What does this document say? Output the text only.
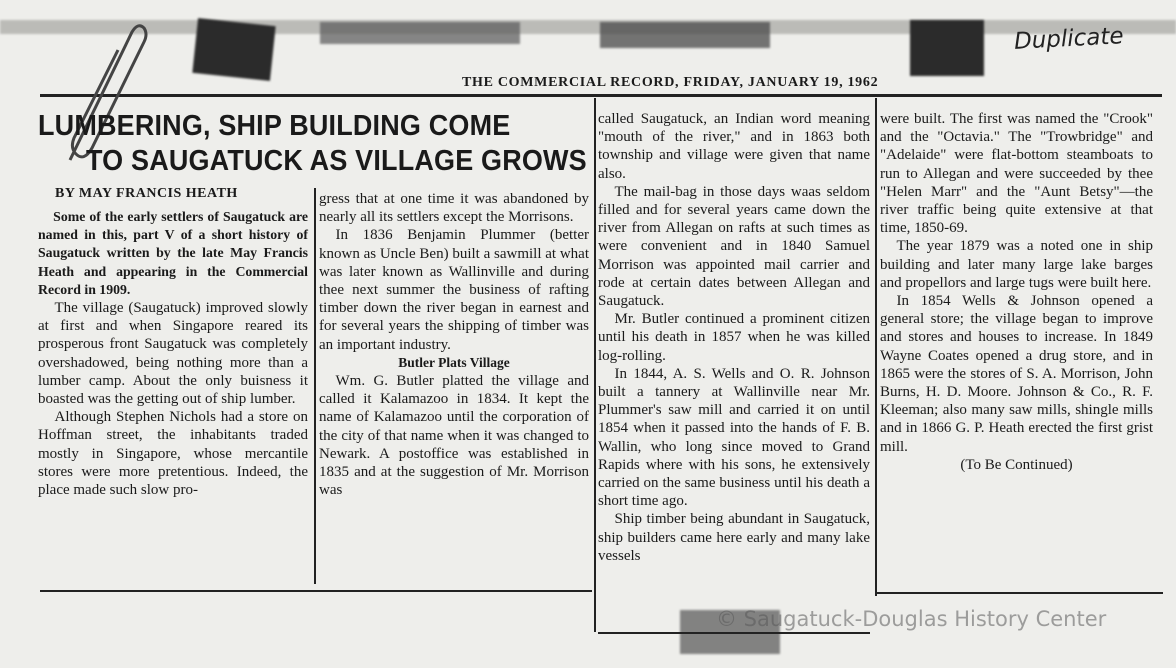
Duplicate
THE COMMERCIAL RECORD, FRIDAY, JANUARY 19, 1962
LUMBERING, SHIP BUILDING COME
TO SAUGATUCK AS VILLAGE GROWS
BY MAY FRANCIS HEATH

Some of the early settlers of Saugatuck are named in this, part V of a short history of Saugatuck written by the late May Francis Heath and appearing in the Commercial Record in 1909.

The village (Saugatuck) improved slowly at first and when Singapore reared its prosperous front Saugatuck was completely overshadowed, being nothing more than a lumber camp. About the only buisness it boasted was the getting out of ship lumber.

Although Stephen Nichols had a store on Hoffman street, the inhabitants traded mostly in Singapore, whose mercantile stores were more pretentious. Indeed, the place made such slow pro-

gress that at one time it was abandoned by nearly all its settlers except the Morrisons.

In 1836 Benjamin Plummer (better known as Uncle Ben) built a sawmill at what was later known as Wallinville and during thee next summer the business of rafting timber down the river began in earnest and for several years the shipping of timber was an important industry.

Butler Plats Village

Wm. G. Butler platted the village and called it Kalamazoo in 1834. It kept the name of Kalamazoo until the corporation of the city of that name when it was changed to Newark. A postoffice was established in 1835 and at the suggestion of Mr. Morrison was

called Saugatuck, an Indian word meaning "mouth of the river," and in 1863 both township and village were given that name also.

The mail-bag in those days waas seldom filled and for several years came down the river from Allegan on rafts at such times as were convenient and in 1840 Samuel Morrison was appointed mail carrier and rode at certain dates between Allegan and Saugatuck.

Mr. Butler continued a prominent citizen until his death in 1857 when he was killed log-rolling.

In 1844, A. S. Wells and O. R. Johnson built a tannery at Wallinville near Mr. Plummer's saw mill and carried it on until 1854 when it passed into the hands of F. B. Wallin, who long since moved to Grand Rapids where with his sons, he extensively carried on the same business until his death a short time ago.

Ship timber being abundant in Saugatuck, ship builders came here early and many lake vessels

were built. The first was named the "Crook" and the "Octavia." The "Trowbridge" and "Adelaide" were flat-bottom steamboats to run to Allegan and were succeeded by thee "Helen Marr" and the "Aunt Betsy"—the river traffic being quite extensive at that time, 1850-69.

The year 1879 was a noted one in ship building and later many large lake barges and propellors and large tugs were built here.

In 1854 Wells & Johnson opened a general store; the village began to improve and stores and houses to increase. In 1849 Wayne Coates opened a drug store, and in 1865 were the stores of S. A. Morrison, John Burns, H. D. Moore. Johnson & Co., R. F. Kleeman; also many saw mills, shingle mills and in 1866 G. P. Heath erected the first grist mill.

(To Be Continued)

© Saugatuck-Douglas History Center
